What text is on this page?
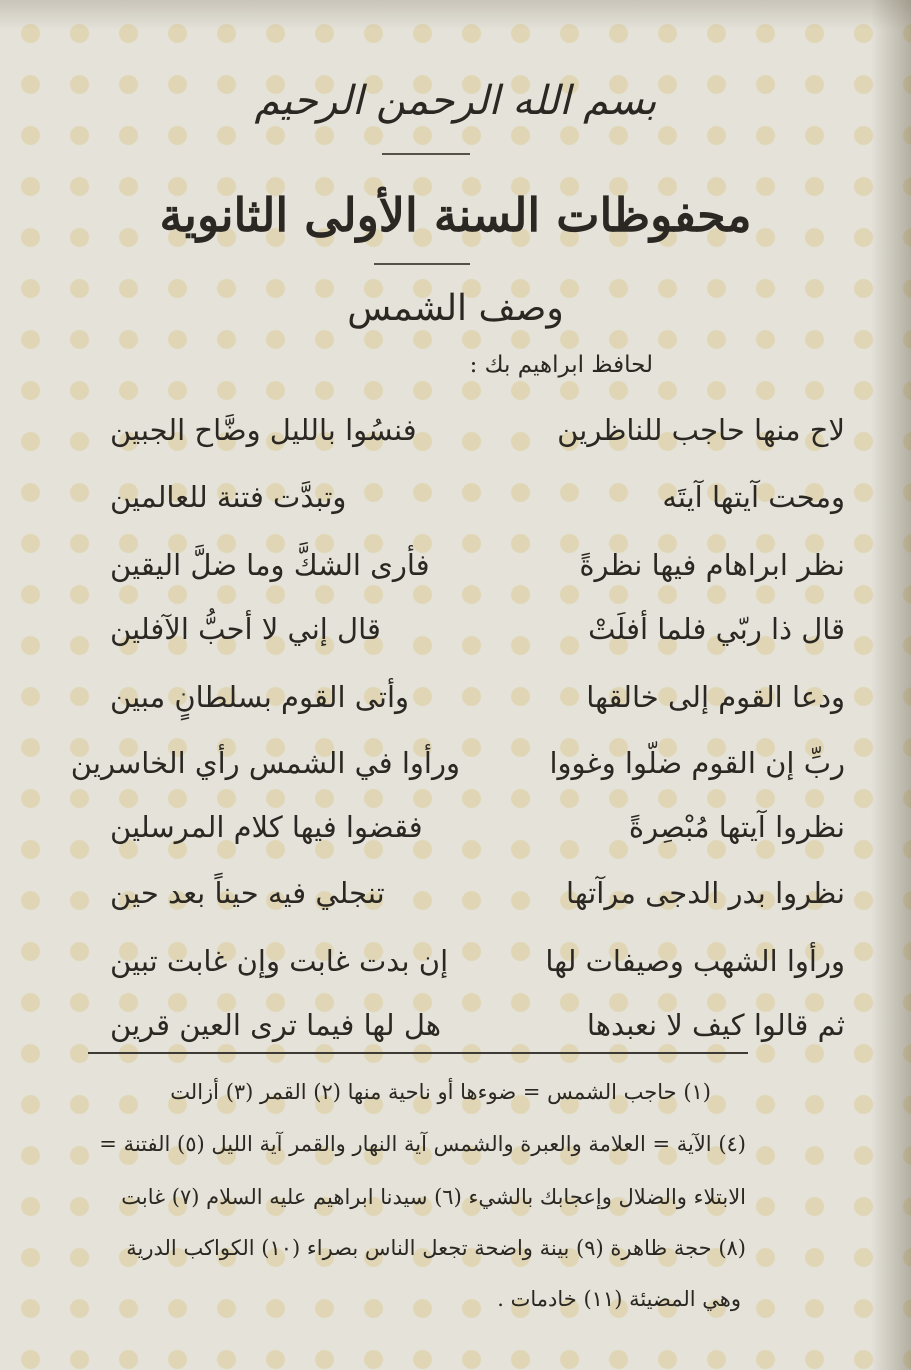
بسم الله الرحمن الرحيم
محفوظات السنة الأولى الثانوية
وصف الشمس
لحافظ ابراهيم بك :
لاح منها حاجب للناظرين
فنسُوا بالليل وضَّاح الجبين
ومحت آيتها آيتَه
وتبدَّت فتنة للعالمين
نظر ابراهام فيها نظرةً
فأرى الشكَّ وما ضلَّ اليقين
قال ذا ربّي فلما أفلَتْ
قال إني لا أحبُّ الآفلين
ودعا القوم إلى خالقها
وأتى القوم بسلطانٍ مبين
ربِّ إن القوم ضلّوا وغووا
ورأوا في الشمس رأي الخاسرين
نظروا آيتها مُبْصِرةً
فقضوا فيها كلام المرسلين
نظروا بدر الدجى مرآتها
تنجلي فيه حيناً بعد حين
ورأوا الشهب وصيفات لها
إن بدت غابت وإن غابت تبين
ثم قالوا كيف لا نعبدها
هل لها فيما ترى العين قرين
(١) حاجب الشمس = ضوءها أو ناحية منها (٢) القمر (٣) أزالت
(٤) الآية = العلامة والعبرة والشمس آية النهار والقمر آية الليل (٥) الفتنة =
الابتلاء والضلال وإعجابك بالشيء (٦) سيدنا ابراهيم عليه السلام (٧) غابت
(٨) حجة ظاهرة (٩) بينة واضحة تجعل الناس بصراء (١٠) الكواكب الدرية
وهي المضيئة (١١) خادمات .
